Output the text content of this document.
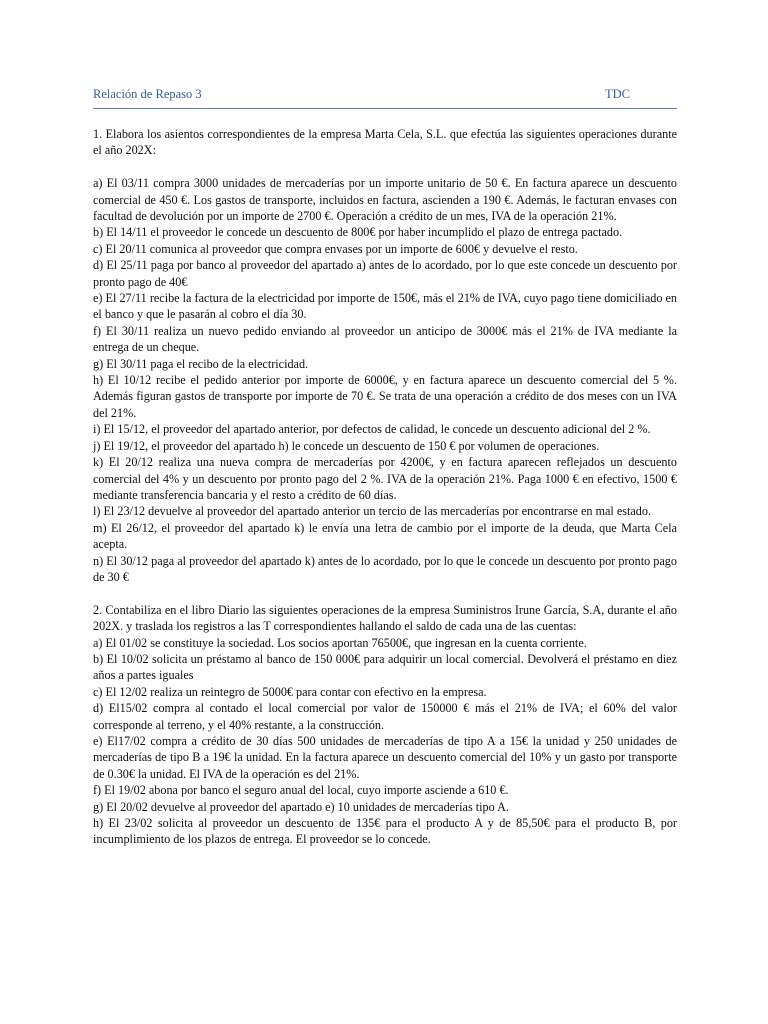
Relación de Repaso 3	TDC

1. Elabora los asientos correspondientes de la empresa Marta Cela, S.L. que efectúa las siguientes operaciones durante el año 202X:

a) El 03/11 compra 3000 unidades de mercaderías por un importe unitario de 50 €. En factura aparece un descuento comercial de 450 €. Los gastos de transporte, incluidos en factura, ascienden a 190 €. Además, le facturan envases con facultad de devolución por un importe de 2700 €. Operación a crédito de un mes, IVA de la operación 21%.

b) El 14/11 el proveedor le concede un descuento de 800€ por haber incumplido el plazo de entrega pactado.

c) El 20/11 comunica al proveedor que compra envases por un importe de 600€ y devuelve el resto.

d) El 25/11 paga por banco al proveedor del apartado a) antes de lo acordado, por lo que este concede un descuento por pronto pago de 40€

e) El 27/11 recibe la factura de la electricidad por importe de 150€, más el 21% de IVA, cuyo pago tiene domiciliado en el banco y que le pasarán al cobro el día 30.

f) El 30/11 realiza un nuevo pedido enviando al proveedor un anticipo de 3000€ más el 21% de IVA mediante la entrega de un cheque.

g) El 30/11 paga el recibo de la electricidad.

h) El 10/12 recibe el pedido anterior por importe de 6000€, y en factura aparece un descuento comercial del 5 %. Además figuran gastos de transporte por importe de 70 €. Se trata de una operación a crédito de dos meses con un IVA del 21%.

i) El 15/12, el proveedor del apartado anterior, por defectos de calidad, le concede un descuento adicional del 2 %.

j) El 19/12, el proveedor del apartado h) le concede un descuento de 150 € por volumen de operaciones.

k) El 20/12 realiza una nueva compra de mercaderías por 4200€, y en factura aparecen reflejados un descuento comercial del 4% y un descuento por pronto pago del 2 %. IVA de la operación 21%. Paga 1000 € en efectivo, 1500 € mediante transferencia bancaria y el resto a crédito de 60 días.

l) El 23/12 devuelve al proveedor del apartado anterior un tercio de las mercaderías por encontrarse en mal estado.

m) El 26/12, el proveedor del apartado k) le envía una letra de cambio por el importe de la deuda, que Marta Cela acepta.

n) El 30/12 paga al proveedor del apartado k) antes de lo acordado, por lo que le concede un descuento por pronto pago de 30 €

2. Contabiliza en el libro Diario las siguientes operaciones de la empresa Suministros Irune García, S.A, durante el año 202X. y traslada los registros a las T correspondientes hallando el saldo de cada una de las cuentas:

a) El 01/02 se constituye la sociedad. Los socios aportan 76500€, que ingresan en la cuenta corriente.

b) El 10/02 solicita un préstamo al banco de 150 000€ para adquirir un local comercial. Devolverá el préstamo en diez años a partes iguales

c) El 12/02 realiza un reintegro de 5000€ para contar con efectivo en la empresa.

d) El15/02 compra al contado el local comercial por valor de 150000 € más el 21% de IVA; el 60% del valor corresponde al terreno, y el 40% restante, a la construcción.

e) El17/02 compra a crédito de 30 días 500 unidades de mercaderías de tipo A a 15€ la unidad y 250 unidades de mercaderías de tipo B a 19€ la unidad. En la factura aparece un descuento comercial del 10% y un gasto por transporte de 0.30€ la unidad. El IVA de la operación es del 21%.

f) El 19/02 abona por banco el seguro anual del local, cuyo importe asciende a 610 €.

g) El 20/02 devuelve al proveedor del apartado e) 10 unidades de mercaderías tipo A.

h) El 23/02 solicita al proveedor un descuento de 135€ para el producto A y de 85,50€ para el producto B, por incumplimiento de los plazos de entrega. El proveedor se lo concede.
